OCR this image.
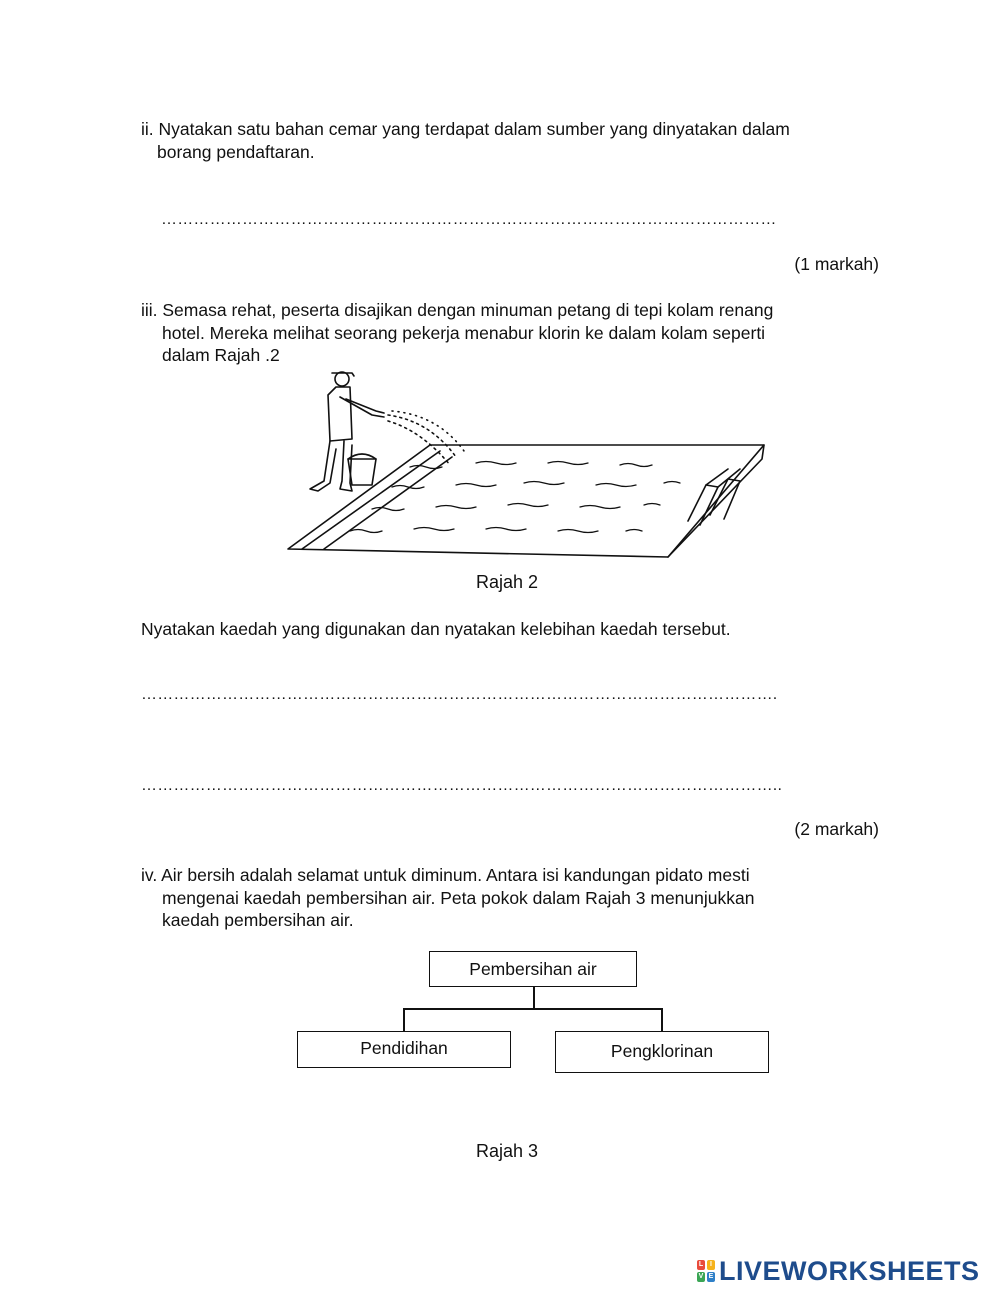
ii. Nyatakan satu bahan cemar yang terdapat dalam sumber yang dinyatakan dalam
borang pendaftaran.
……………………………………………………………………………………………………
(1 markah)
iii. Semasa rehat, peserta disajikan dengan minuman petang di tepi kolam renang
hotel. Mereka melihat seorang pekerja menabur klorin ke dalam kolam seperti
dalam Rajah .2
Rajah 2
Nyatakan kaedah yang digunakan dan nyatakan kelebihan kaedah tersebut.
……………………………………………………………………………………………………….
………………………………………………………………………………………………………..
(2 markah)
iv. Air bersih adalah selamat untuk diminum. Antara isi kandungan pidato mesti
mengenai kaedah pembersihan air. Peta pokok dalam Rajah 3 menunjukkan
kaedah pembersihan air.
Pembersihan air
Pendidihan	Pengklorinan
Rajah 3
L I
V E LIVEWORKSHEETS
